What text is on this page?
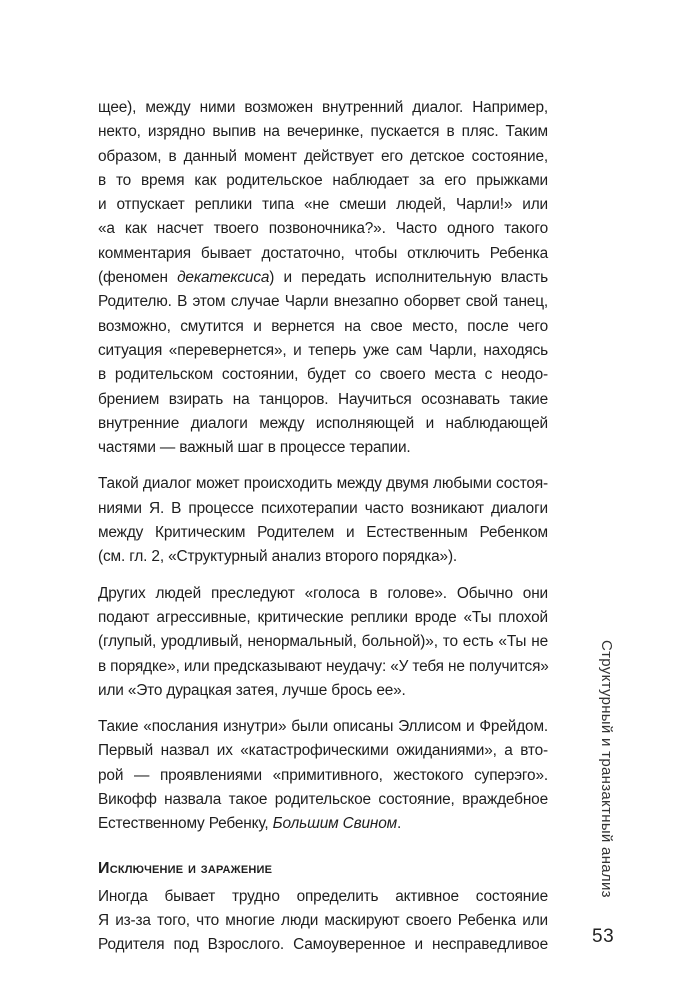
щее), между ними возможен внутренний диалог. Например,
некто, изрядно выпив на вечеринке, пускается в пляс. Таким
образом, в данный момент действует его детское состояние,
в то время как родительское наблюдает за его прыжками
и отпускает реплики типа «не смеши людей, Чарли!» или
«а как насчет твоего позвоночника?». Часто одного такого
комментария бывает достаточно, чтобы отключить Ребенка
(феномен декатексиса) и передать исполнительную власть
Родителю. В этом случае Чарли внезапно оборвет свой танец,
возможно, смутится и вернется на свое место, после чего
ситуация «перевернется», и теперь уже сам Чарли, находясь
в родительском состоянии, будет со своего места с неодо-
брением взирать на танцоров. Научиться осознавать такие
внутренние диалоги между исполняющей и наблюдающей
частями — важный шаг в процессе терапии.

Такой диалог может происходить между двумя любыми состоя-
ниями Я. В процессе психотерапии часто возникают диалоги
между Критическим Родителем и Естественным Ребенком
(см. гл. 2, «Структурный анализ второго порядка»).

Других людей преследуют «голоса в голове». Обычно они
подают агрессивные, критические реплики вроде «Ты плохой
(глупый, уродливый, ненормальный, больной)», то есть «Ты не
в порядке», или предсказывают неудачу: «У тебя не получится»
или «Это дурацкая затея, лучше брось ее».

Такие «послания изнутри» были описаны Эллисом и Фрейдом.
Первый назвал их «катастрофическими ожиданиями», а вто-
рой — проявлениями «примитивного, жестокого суперэго».
Викофф назвала такое родительское состояние, враждебное
Естественному Ребенку, Большим Свином.

Исключение и заражение

Иногда бывает трудно определить активное состояние
Я из-за того, что многие люди маскируют своего Ребенка или
Родителя под Взрослого. Самоуверенное и несправедливое

Структурный и транзактный анализ
53
